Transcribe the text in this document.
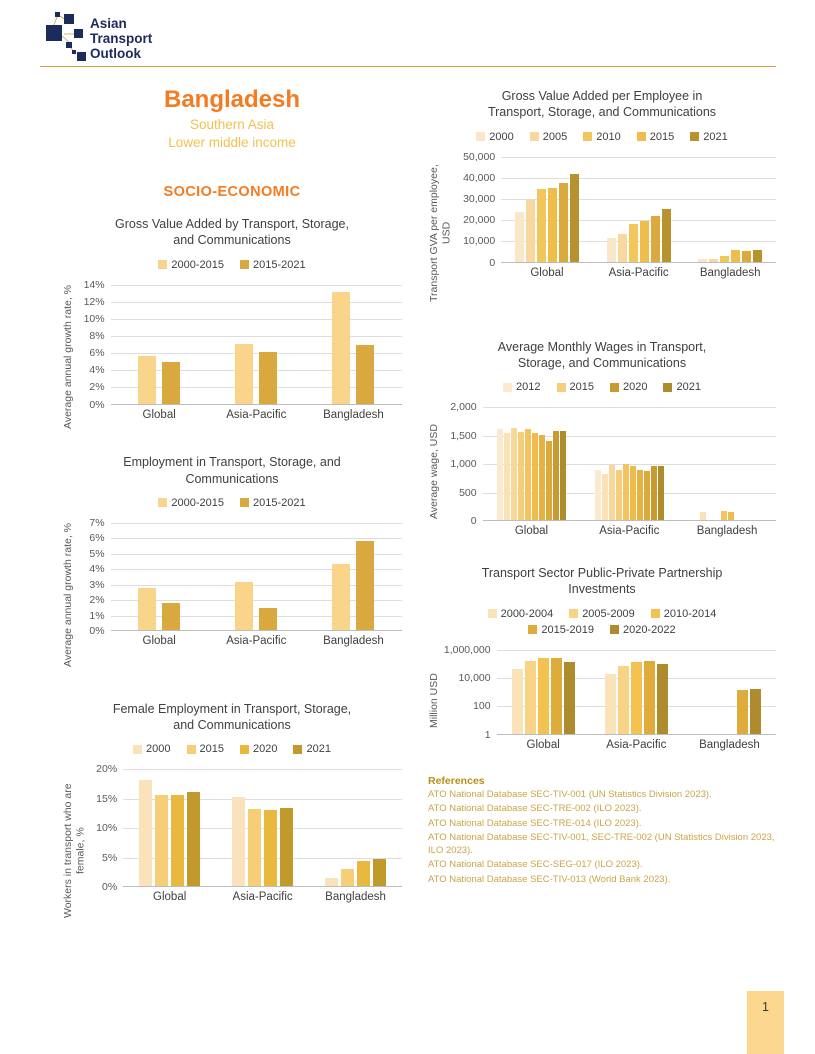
Asian
Transport
Outlook
Bangladesh
Southern Asia
Lower middle income
SOCIO-ECONOMIC
Gross Value Added by Transport, Storage,
and Communications
2000-2015	2015-2021
Average annual growth rate, % 14%
12%
10%
8%
6%
4%
2%
0%
Global	Asia-Pacific	Bangladesh
Employment in Transport, Storage, and
Communications
2000-2015	2015-2021
Average annual growth rate, % 7%
6%
5%
4%
3%
2%
1%
0%
Global	Asia-Pacific	Bangladesh
Female Employment in Transport, Storage,
and Communications
2000	2015	2020	2021
Workers in transport who are female, %
20%
15%
10%
5%
0%
Global	Asia-Pacific	Bangladesh
Gross Value Added per Employee in
Transport, Storage, and Communications
2000	2005	2010	2015	2021
Transport GVA per employee, USD
50,000
40,000
30,000
20,000
10,000
0
Global	Asia-Pacific	Bangladesh
Average Monthly Wages in Transport,
Storage, and Communications
2012	2015	2020	2021
Average wage, USD
2,000
1,500
1,000
500
0
Global	Asia-Pacific	Bangladesh
Transport Sector Public-Private Partnership
Investments
2000-2004	2005-2009	2010-2014
2015-2019	2020-2022
Million USD
1,000,000
10,000
100
1
Global	Asia-Pacific	Bangladesh
References
ATO National Database SEC-TIV-001 (UN Statistics Division 2023).
ATO National Database SEC-TRE-002 (ILO 2023).
ATO National Database SEC-TRE-014 (ILO 2023).
ATO National Database SEC-TIV-001, SEC-TRE-002 (UN Statistics Division 2023, ILO 2023).
ATO National Database SEC-SEG-017 (ILO 2023).
ATO National Database SEC-TIV-013 (World Bank 2023).
1
